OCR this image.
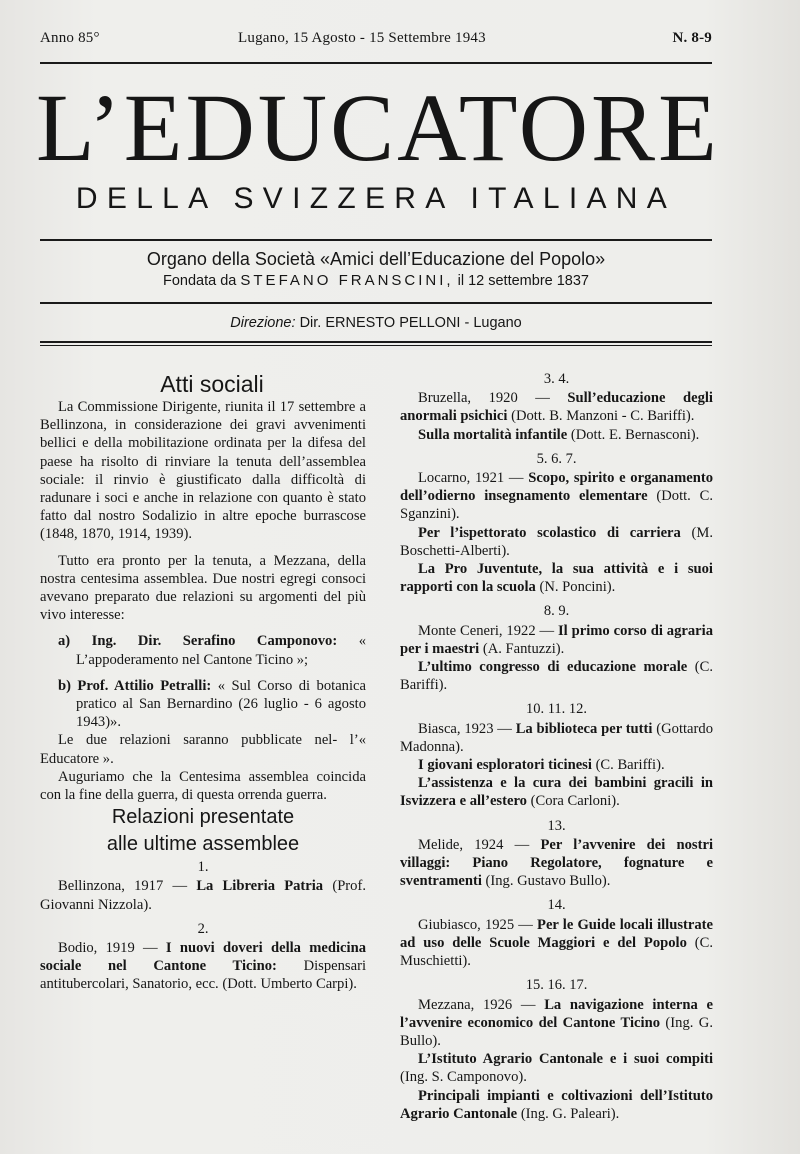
Anno 85°	Lugano, 15 Agosto - 15 Settembre 1943	N. 8-9
L’EDUCATORE
DELLA SVIZZERA ITALIANA
Organo della Società «Amici dell’Educazione del Popolo»
Fondata da STEFANO FRANSCINI, il 12 settembre 1837
Direzione: Dir. ERNESTO PELLONI - Lugano
Atti sociali

La Commissione Dirigente, riunita il 17 settembre a Bellinzona, in considerazione dei gravi avvenimenti bellici e della mobilitazione ordinata per la difesa del paese ha risolto di rinviare la tenuta dell’assemblea sociale: il rinvio è giustificato dalla difficoltà di radunare i soci e anche in relazione con quanto è stato fatto dal nostro Sodalizio in altre epoche burrascose (1848, 1870, 1914, 1939).

Tutto era pronto per la tenuta, a Mezzana, della nostra centesima assemblea. Due nostri egregi consoci avevano preparato due relazioni su argomenti del più vivo interesse:

a) Ing. Dir. Serafino Camponovo: « L’appoderamento nel Cantone Ticino »;

b) Prof. Attilio Petralli: « Sul Corso di botanica pratico al San Bernardino (26 luglio - 6 agosto 1943)».

Le due relazioni saranno pubblicate nel- l’« Educatore ».

Auguriamo che la Centesima assemblea coincida con la fine della guerra, di questa orrenda guerra.

Relazioni presentate
alle ultime assemblee
1.

Bellinzona, 1917 — La Libreria Patria (Prof. Giovanni Nizzola).

2.

Bodio, 1919 — I nuovi doveri della medicina sociale nel Cantone Ticino: Dispensari antitubercolari, Sanatorio, ecc. (Dott. Umberto Carpi).

3. 4.

Bruzella, 1920 — Sull’educazione degli anormali psichici (Dott. B. Manzoni - C. Bariffi).

Sulla mortalità infantile (Dott. E. Bernasconi).

5. 6. 7.

Locarno, 1921 — Scopo, spirito e organamento dell’odierno insegnamento elementare (Dott. C. Sganzini).

Per l’ispettorato scolastico di carriera (M. Boschetti-Alberti).

La Pro Juventute, la sua attività e i suoi rapporti con la scuola (N. Poncini).

8. 9.

Monte Ceneri, 1922 — Il primo corso di agraria per i maestri (A. Fantuzzi).

L’ultimo congresso di educazione morale (C. Bariffi).

10. 11. 12.

Biasca, 1923 — La biblioteca per tutti (Gottardo Madonna).

I giovani esploratori ticinesi (C. Bariffi).

L’assistenza e la cura dei bambini gracili in Isvizzera e all’estero (Cora Carloni).

13.

Melide, 1924 — Per l’avvenire dei nostri villaggi: Piano Regolatore, fognature e sventramenti (Ing. Gustavo Bullo).

14.

Giubiasco, 1925 — Per le Guide locali illustrate ad uso delle Scuole Maggiori e del Popolo (C. Muschietti).

15. 16. 17.

Mezzana, 1926 — La navigazione interna e l’avvenire economico del Cantone Ticino (Ing. G. Bullo).

L’Istituto Agrario Cantonale e i suoi compiti (Ing. S. Camponovo).

Principali impianti e coltivazioni dell’Istituto Agrario Cantonale (Ing. G. Paleari).
